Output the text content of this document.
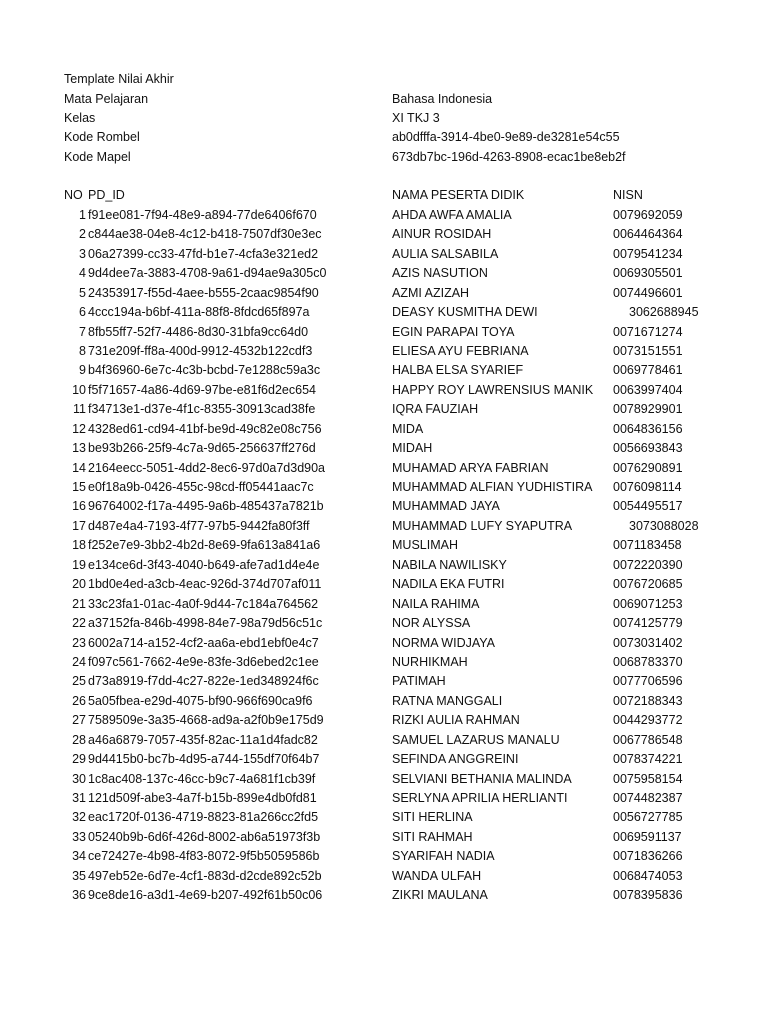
Template Nilai Akhir
Mata Pelajaran	Bahasa Indonesia
Kelas	XI TKJ 3
Kode Rombel	ab0dfffa-3914-4be0-9e89-de3281e54c55
Kode Mapel	673db7bc-196d-4263-8908-ecac1be8eb2f
NO PD_ID	NAMA PESERTA DIDIK	NISN
1 f91ee081-7f94-48e9-a894-77de6406f670	AHDA AWFA AMALIA	0079692059
2 c844ae38-04e8-4c12-b418-7507df30e3ec	AINUR ROSIDAH	0064464364
3 06a27399-cc33-47fd-b1e7-4cfa3e321ed2	AULIA SALSABILA	0079541234
4 9d4dee7a-3883-4708-9a61-d94ae9a305c0	AZIS NASUTION	0069305501
5 24353917-f55d-4aee-b555-2caac9854f90	AZMI AZIZAH	0074496601
6 4ccc194a-b6bf-411a-88f8-8fdcd65f897a	DEASY KUSMITHA DEWI	3062688945
7 8fb55ff7-52f7-4486-8d30-31bfa9cc64d0	EGIN PARAPAI TOYA	0071671274
8 731e209f-ff8a-400d-9912-4532b122cdf3	ELIESA AYU FEBRIANA	0073151551
9 b4f36960-6e7c-4c3b-bcbd-7e1288c59a3c	HALBA ELSA SYARIEF	0069778461
10 f5f71657-4a86-4d69-97be-e81f6d2ec654	HAPPY ROY LAWRENSIUS MANIK 0063997404
11 f34713e1-d37e-4f1c-8355-30913cad38fe	IQRA FAUZIAH	0078929901
12 4328ed61-cd94-41bf-be9d-49c82e08c756	MIDA	0064836156
13 be93b266-25f9-4c7a-9d65-256637ff276d	MIDAH	0056693843
14 2164eecc-5051-4dd2-8ec6-97d0a7d3d90a	MUHAMAD ARYA FABRIAN	0076290891
15 e0f18a9b-0426-455c-98cd-ff05441aac7c	MUHAMMAD ALFIAN YUDHISTIRA 0076098114
16 96764002-f17a-4495-9a6b-485437a7821b	MUHAMMAD JAYA	0054495517
17 d487e4a4-7193-4f77-97b5-9442fa80f3ff	MUHAMMAD LUFY SYAPUTRA	3073088028
18 f252e7e9-3bb2-4b2d-8e69-9fa613a841a6	MUSLIMAH	0071183458
19 e134ce6d-3f43-4040-b649-afe7ad1d4e4e	NABILA NAWILISKY	0072220390
20 1bd0e4ed-a3cb-4eac-926d-374d707af011	NADILA EKA FUTRI	0076720685
21 33c23fa1-01ac-4a0f-9d44-7c184a764562	NAILA RAHIMA	0069071253
22 a37152fa-846b-4998-84e7-98a79d56c51c	NOR ALYSSA	0074125779
23 6002a714-a152-4cf2-aa6a-ebd1ebf0e4c7	NORMA WIDJAYA	0073031402
24 f097c561-7662-4e9e-83fe-3d6ebed2c1ee	NURHIKMAH	0068783370
25 d73a8919-f7dd-4c27-822e-1ed348924f6c	PATIMAH	0077706596
26 5a05fbea-e29d-4075-bf90-966f690ca9f6	RATNA MANGGALI	0072188343
27 7589509e-3a35-4668-ad9a-a2f0b9e175d9	RIZKI AULIA RAHMAN	0044293772
28 a46a6879-7057-435f-82ac-11a1d4fadc82	SAMUEL LAZARUS MANALU	0067786548
29 9d4415b0-bc7b-4d95-a744-155df70f64b7	SEFINDA ANGGREINI	0078374221
30 1c8ac408-137c-46cc-b9c7-4a681f1cb39f	SELVIANI BETHANIA MALINDA	0075958154
31 121d509f-abe3-4a7f-b15b-899e4db0fd81	SERLYNA APRILIA HERLIANTI	0074482387
32 eac1720f-0136-4719-8823-81a266cc2fd5	SITI HERLINA	0056727785
33 05240b9b-6d6f-426d-8002-ab6a51973f3b	SITI RAHMAH	0069591137
34 ce72427e-4b98-4f83-8072-9f5b5059586b	SYARIFAH NADIA	0071836266
35 497eb52e-6d7e-4cf1-883d-d2cde892c52b	WANDA ULFAH	0068474053
36 9ce8de16-a3d1-4e69-b207-492f61b50c06	ZIKRI MAULANA	0078395836
